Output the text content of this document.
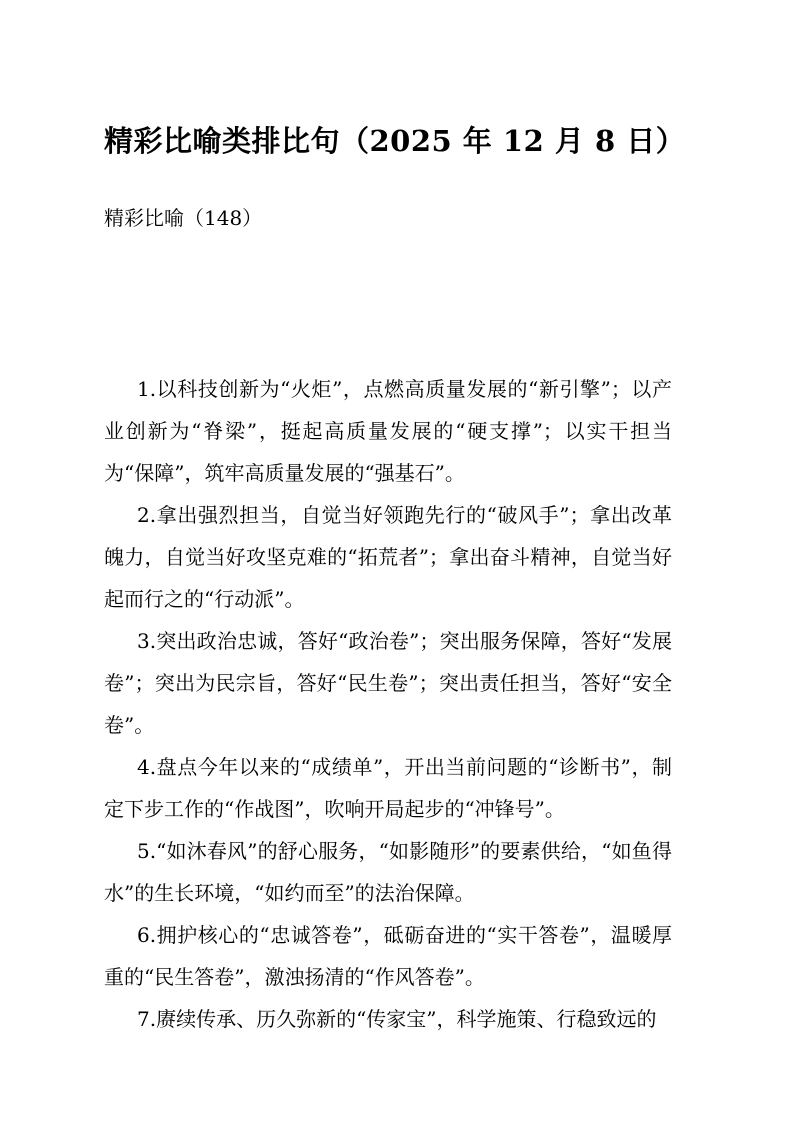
精彩比喻类排比句（2025 年 12 月 8 日）

精彩比喻（148）

1.以科技创新为“火炬”，点燃高质量发展的“新引擎”；以产业创新为“脊梁”，挺起高质量发展的“硬支撑”；以实干担当为“保障”，筑牢高质量发展的“强基石”。

2.拿出强烈担当，自觉当好领跑先行的“破风手”；拿出改革魄力，自觉当好攻坚克难的“拓荒者”；拿出奋斗精神，自觉当好起而行之的“行动派”。

3.突出政治忠诚，答好“政治卷”；突出服务保障，答好“发展卷”；突出为民宗旨，答好“民生卷”；突出责任担当，答好“安全卷”。

4.盘点今年以来的“成绩单”，开出当前问题的“诊断书”，制定下步工作的“作战图”，吹响开局起步的“冲锋号”。

5.“如沐春风”的舒心服务，“如影随形”的要素供给，“如鱼得水”的生长环境，“如约而至”的法治保障。

6.拥护核心的“忠诚答卷”，砥砺奋进的“实干答卷”，温暖厚重的“民生答卷”，激浊扬清的“作风答卷”。

7.赓续传承、历久弥新的“传家宝”，科学施策、行稳致远的
